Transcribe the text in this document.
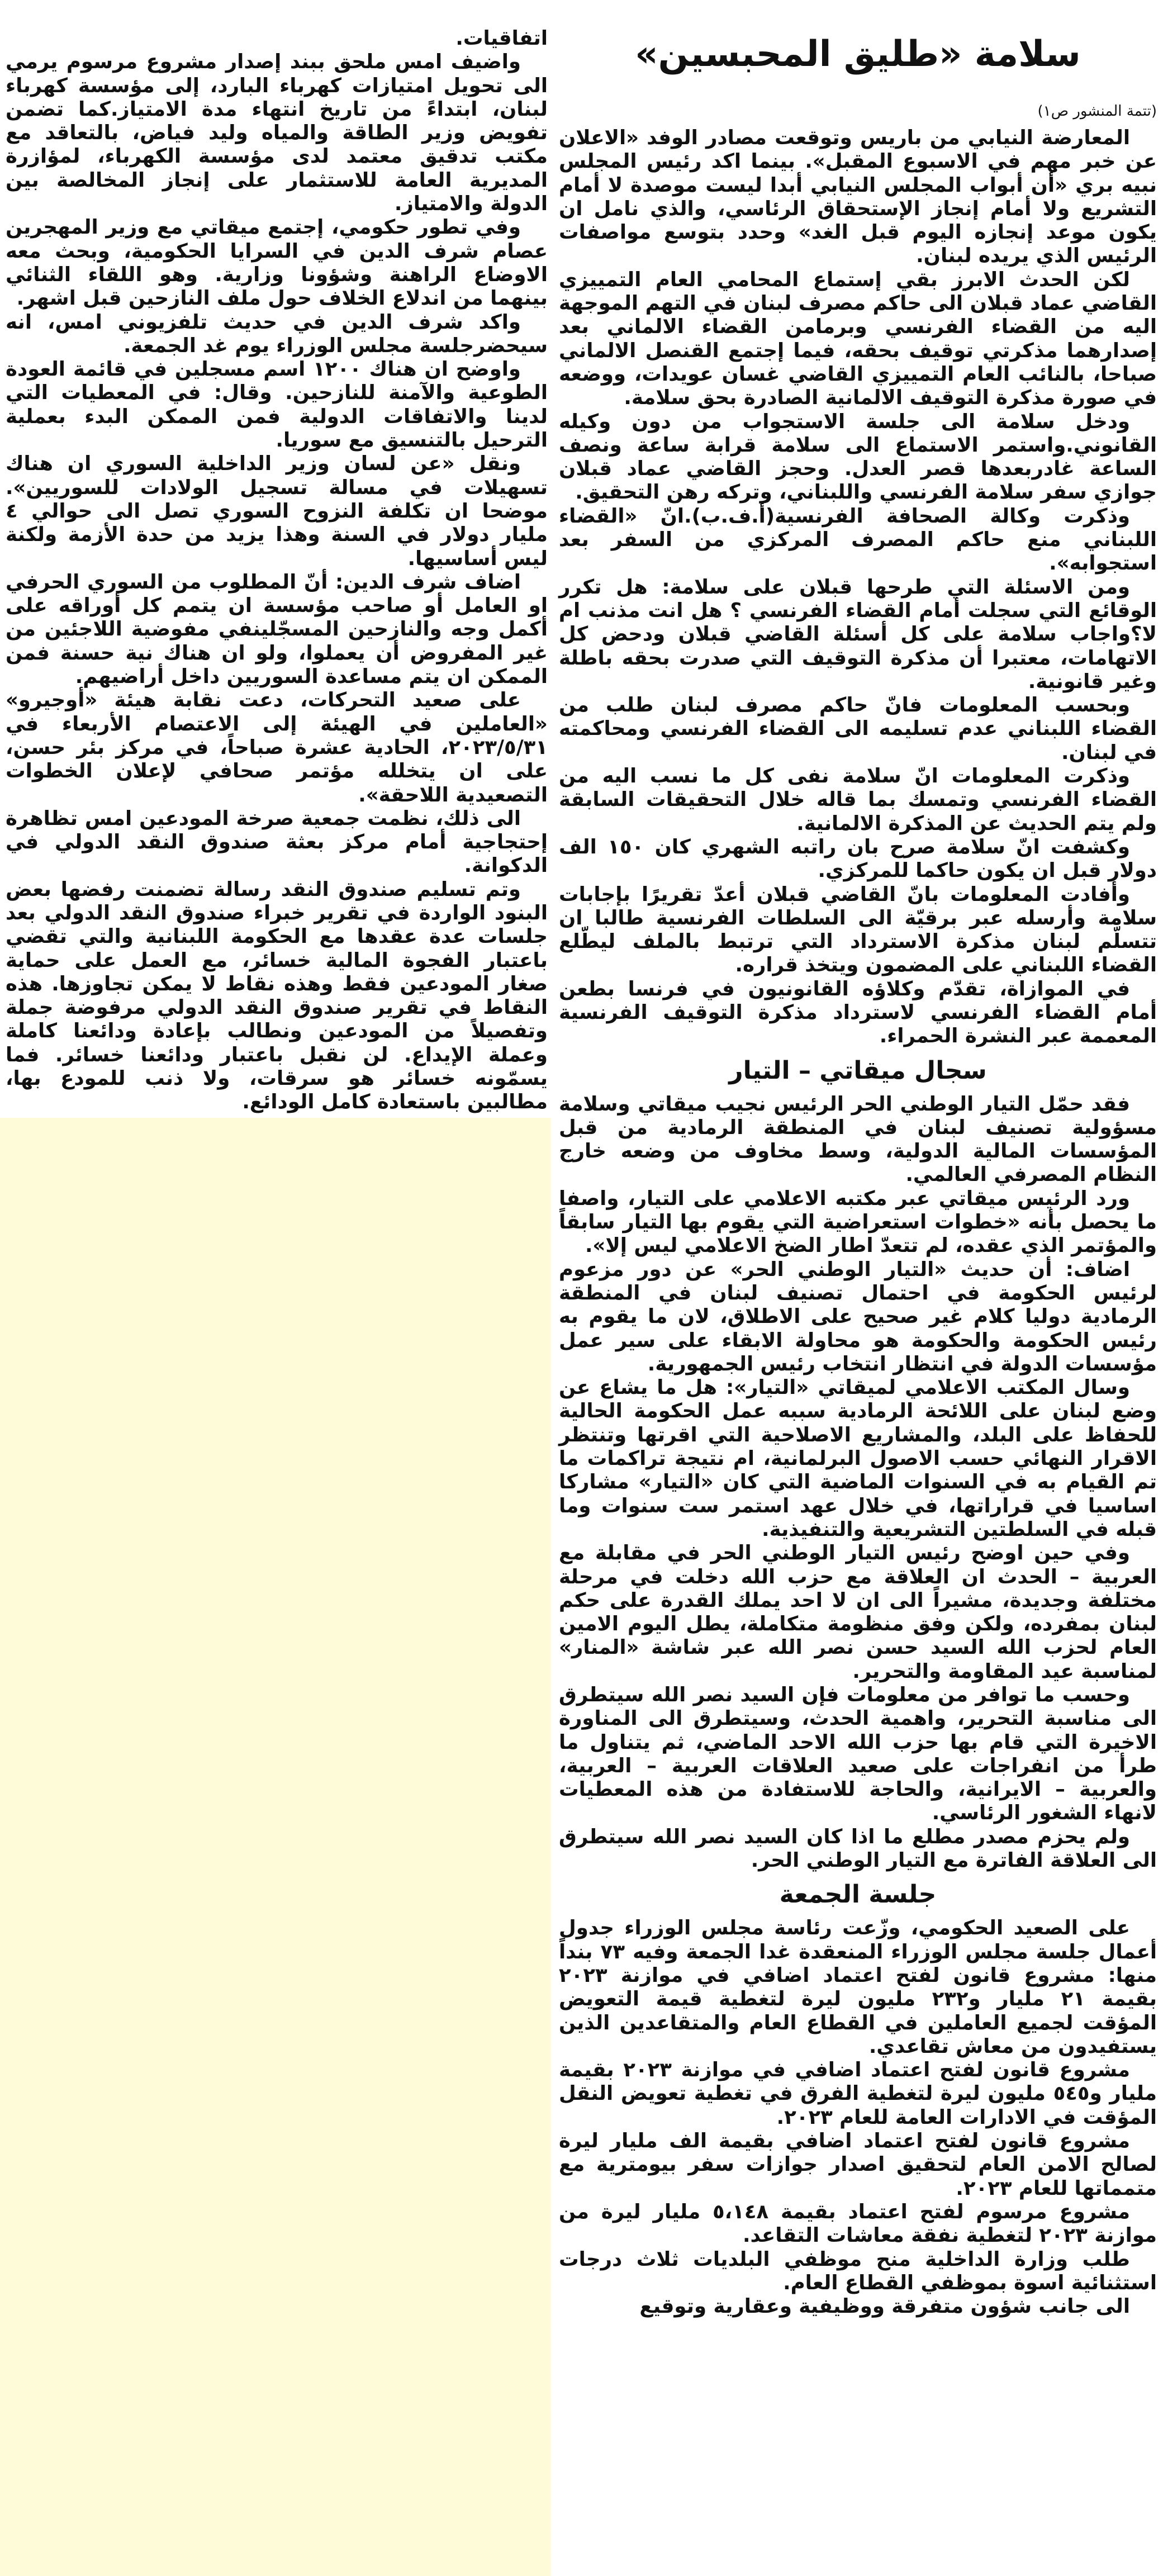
سلامة «طليق المحبسين»
(تتمة المنشور ص١)

المعارضة النيابي من باريس وتوقعت مصادر الوفد «الاعلان عن خبر مهم في الاسبوع المقبل». بينما اكد رئيس المجلس نبيه بري «أن أبواب المجلس النيابي أبدا ليست موصدة لا أمام التشريع ولا أمام إنجاز الإستحقاق الرئاسي، والذي نامل ان يكون موعد إنجازه اليوم قبل الغد» وحدد بتوسع مواصفات الرئيس الذي يريده لبنان.

لكن الحدث الابرز بقي إستماع المحامي العام التمييزي القاضي عماد قبلان الى حاكم مصرف لبنان في التهم الموجهة اليه من القضاء الفرنسي وبرمامن القضاء الالماني بعد إصدارهما مذكرتي توقيف بحقه، فيما إجتمع القنصل الالماني صباحا، بالنائب العام التمييزي القاضي غسان عويدات، ووضعه في صورة مذكرة التوقيف الالمانية الصادرة بحق سلامة.

ودخل سلامة الى جلسة الاستجواب من دون وكيله القانوني.واستمر الاستماع الى سلامة قرابة ساعة ونصف الساعة غادربعدها قصر العدل. وحجز القاضي عماد قبلان جوازي سفر سلامة الفرنسي واللبناني، وتركه رهن التحقيق.

وذكرت وكالة الصحافة الفرنسية(أ.ف.ب).انّ «القضاء اللبناني منع حاكم المصرف المركزي من السفر بعد استجوابه».

ومن الاسئلة التي طرحها قبلان على سلامة: هل تكرر الوقائع التي سجلت أمام القضاء الفرنسي ؟ هل انت مذنب ام لا؟واجاب سلامة على كل أسئلة القاضي قبلان ودحض كل الاتهامات، معتبرا أن مذكرة التوقيف التي صدرت بحقه باطلة وغير قانونية.

وبحسب المعلومات فانّ حاكم مصرف لبنان طلب من القضاء اللبناني عدم تسليمه الى القضاء الفرنسي ومحاكمته في لبنان.

وذكرت المعلومات انّ سلامة نفى كل ما نسب اليه من القضاء الفرنسي وتمسك بما قاله خلال التحقيقات السابقة ولم يتم الحديث عن المذكرة الالمانية.

وكشفت انّ سلامة صرح بان راتبه الشهري كان ١٥٠ الف دولار قبل ان يكون حاكما للمركزي.

وأفادت المعلومات بانّ القاضي قبلان أعدّ تقريرًا بإجابات سلامة وأرسله عبر برقيّة الى السلطات الفرنسية طالبا ان تتسلّم لبنان مذكرة الاسترداد التي ترتبط بالملف ليطّلع القضاء اللبناني على المضمون ويتخذ قراره.

في الموازاة، تقدّم وكلاؤه القانونيون في فرنسا بطعن أمام القضاء الفرنسي لاسترداد مذكرة التوقيف الفرنسية المعممة عبر النشرة الحمراء.

سجال ميقاتي – التيار

فقد حمّل التيار الوطني الحر الرئيس نجيب ميقاتي وسلامة مسؤولية تصنيف لبنان في المنطقة الرمادية من قبل المؤسسات المالية الدولية، وسط مخاوف من وضعه خارج النظام المصرفي العالمي.

ورد الرئيس ميقاتي عبر مكتبه الاعلامي على التيار، واصفا ما يحصل بأنه «خطوات استعراضية التي يقوم بها التيار سابقاً والمؤتمر الذي عقده، لم تتعدّ اطار الضخ الاعلامي ليس إلا».

اضاف: أن حديث «التيار الوطني الحر» عن دور مزعوم لرئيس الحكومة في احتمال تصنيف لبنان في المنطقة الرمادية دوليا كلام غير صحيح على الاطلاق، لان ما يقوم به رئيس الحكومة والحكومة هو محاولة الابقاء على سير عمل مؤسسات الدولة في انتظار انتخاب رئيس الجمهورية.

وسال المكتب الاعلامي لميقاتي «التيار»: هل ما يشاع عن وضع لبنان على اللائحة الرمادية سببه عمل الحكومة الحالية للحفاظ على البلد، والمشاريع الاصلاحية التي اقرتها وتنتظر الاقرار النهائي حسب الاصول البرلمانية، ام نتيجة تراكمات ما تم القيام به في السنوات الماضية التي كان «التيار» مشاركا اساسيا في قراراتها، في خلال عهد استمر ست سنوات وما قبله في السلطتين التشريعية والتنفيذية.

وفي حين اوضح رئيس التيار الوطني الحر في مقابلة مع العربية – الحدث ان العلاقة مع حزب الله دخلت في مرحلة مختلفة وجديدة، مشيراً الى ان لا احد يملك القدرة على حكم لبنان بمفرده، ولكن وفق منظومة متكاملة، يطل اليوم الامين العام لحزب الله السيد حسن نصر الله عبر شاشة «المنار» لمناسبة عيد المقاومة والتحرير.

وحسب ما توافر من معلومات فإن السيد نصر الله سيتطرق الى مناسبة التحرير، واهمية الحدث، وسيتطرق الى المناورة الاخيرة التي قام بها حزب الله الاحد الماضي، ثم يتناول ما طرأ من انفراجات على صعيد العلاقات العربية – العربية، والعربية – الايرانية، والحاجة للاستفادة من هذه المعطيات لانهاء الشغور الرئاسي.

ولم يحزم مصدر مطلع ما اذا كان السيد نصر الله سيتطرق الى العلاقة الفاترة مع التيار الوطني الحر.

جلسة الجمعة

على الصعيد الحكومي، وزّعت رئاسة مجلس الوزراء جدول أعمال جلسة مجلس الوزراء المنعقدة غدا الجمعة وفيه ٧٣ بنداً منها: مشروع قانون لفتح اعتماد اضافي في موازنة ٢٠٢٣ بقيمة ٢١ مليار و٢٣٢ مليون ليرة لتغطية قيمة التعويض المؤقت لجميع العاملين في القطاع العام والمتقاعدين الذين يستفيدون من معاش تقاعدي.

مشروع قانون لفتح اعتماد اضافي في موازنة ٢٠٢٣ بقيمة مليار و٥٤٥ مليون ليرة لتغطية الفرق في تغطية تعويض النقل المؤقت في الادارات العامة للعام ٢٠٢٣.

مشروع قانون لفتح اعتماد اضافي بقيمة الف مليار ليرة لصالح الامن العام لتحقيق اصدار جوازات سفر بيومترية مع متمماتها للعام ٢٠٢٣.

مشروع مرسوم لفتح اعتماد بقيمة ٥،١٤٨ مليار ليرة من موازنة ٢٠٢٣ لتغطية نفقة معاشات التقاعد.

طلب وزارة الداخلية منح موظفي البلديات ثلاث درجات استثنائية اسوة بموظفي القطاع العام.

الى جانب شؤون متفرقة ووظيفية وعقارية وتوقيع

اتفاقيات.

واضيف امس ملحق ببند إصدار مشروع مرسوم يرمي الى تحويل امتيازات كهرباء البارد، إلى مؤسسة كهرباء لبنان، ابتداءً من تاريخ انتهاء مدة الامتياز.كما تضمن تفويض وزير الطاقة والمياه وليد فياض، بالتعاقد مع مكتب تدقيق معتمد لدى مؤسسة الكهرباء، لمؤازرة المديرية العامة للاستثمار على إنجاز المخالصة بين الدولة والامتياز.

وفي تطور حكومي، إجتمع ميقاتي مع وزير المهجرين عصام شرف الدين في السرايا الحكومية، وبحث معه الاوضاع الراهنة وشؤونا وزارية. وهو اللقاء الثنائي بينهما من اندلاع الخلاف حول ملف النازحين قبل اشهر.

واكد شرف الدين في حديث تلفزيوني امس، انه سيحضرجلسة مجلس الوزراء يوم غد الجمعة.

واوضح ان هناك ١٢٠٠ اسم مسجلين في قائمة العودة الطوعية والآمنة للنازحين. وقال: في المعطيات التي لدينا والاتفاقات الدولية فمن الممكن البدء بعملية الترحيل بالتنسيق مع سوريا.

ونقل «عن لسان وزير الداخلية السوري ان هناك تسهيلات في مسالة تسجيل الولادات للسوريين». موضحا ان تكلفة النزوح السوري تصل الى حوالي ٤ مليار دولار في السنة وهذا يزيد من حدة الأزمة ولكنة ليس أساسيها.

اضاف شرف الدين: أنّ المطلوب من السوري الحرفي او العامل أو صاحب مؤسسة ان يتمم كل أوراقه على أكمل وجه والنازحين المسجّلينفي مفوضية اللاجئين من غير المفروض أن يعملوا، ولو ان هناك نية حسنة فمن الممكن ان يتم مساعدة السوريين داخل أراضيهم.

على صعيد التحركات، دعت نقابة هيئة «أوجيرو» «العاملين في الهيئة إلى الاعتصام الأربعاء في ٢٠٢٣/٥/٣١، الحادية عشرة صباحاً، في مركز بئر حسن، على ان يتخلله مؤتمر صحافي لإعلان الخطوات التصعيدية اللاحقة».

الى ذلك، نظمت جمعية صرخة المودعين امس تظاهرة إحتجاجية أمام مركز بعثة صندوق النقد الدولي في الدكوانة.

وتم تسليم صندوق النقد رسالة تضمنت رفضها بعض البنود الواردة في تقرير خبراء صندوق النقد الدولي بعد جلسات عدة عقدها مع الحكومة اللبنانية والتي تقضي باعتبار الفجوة المالية خسائر، مع العمل على حماية صغار المودعين فقط وهذه نقاط لا يمكن تجاوزها. هذه النقاط في تقرير صندوق النقد الدولي مرفوضة جملة وتفصيلاً من المودعين ونطالب بإعادة ودائعنا كاملة وعملة الإيداع. لن نقبل باعتبار ودائعنا خسائر. فما يسمّونه خسائر هو سرقات، ولا ذنب للمودع بها، مطالبين باستعادة كامل الودائع.
